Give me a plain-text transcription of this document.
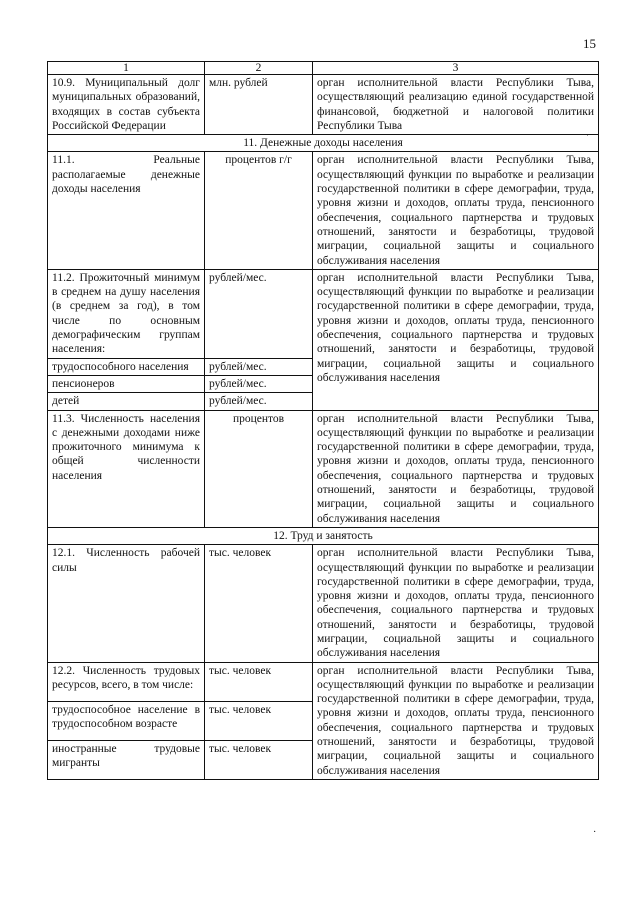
15
1	2	3
10.9. Муниципальный долг муниципальных образований, входящих в состав субъекта Российской Федерации	млн. рублей	орган исполнительной власти Республики Тыва, осуществляющий реализацию единой государственной финансовой, бюджетной и налоговой политики Республики Тыва
11. Денежные доходы населения		
11.1. Реальные располагаемые денежные доходы населения	процентов г/г	орган исполнительной власти Республики Тыва, осуществляющий функции по выработке и реализации государственной политики в сфере демографии, труда, уровня жизни и доходов, оплаты труда, пенсионного обеспечения, социального партнерства и трудовых отношений, занятости и безработицы, трудовой миграции, социальной защиты и социального обслуживания населения
11.2. Прожиточный минимум в среднем на душу населения (в среднем за год), в том числе по основным демографическим группам населения:	рублей/мес.	орган исполнительной власти Республики Тыва, осуществляющий функции по выработке и реализации государственной политики в сфере демографии, труда, уровня жизни и доходов, оплаты труда, пенсионного обеспечения, социального партнерства и трудовых отношений, занятости и безработицы, трудовой миграции, социальной защиты и социального обслуживания населения
трудоспособного населения	рублей/мес.	
пенсионеров	рублей/мес.	
детей	рублей/мес.	
11.3. Численность населения с денежными доходами ниже прожиточного минимума к общей численности населения	процентов	орган исполнительной власти Республики Тыва, осуществляющий функции по выработке и реализации государственной политики в сфере демографии, труда, уровня жизни и доходов, оплаты труда, пенсионного обеспечения, социального партнерства и трудовых отношений, занятости и безработицы, трудовой миграции, социальной защиты и социального обслуживания населения
12. Труд и занятость		
12.1. Численность рабочей силы	тыс. человек	орган исполнительной власти Республики Тыва, осуществляющий функции по выработке и реализации государственной политики в сфере демографии, труда, уровня жизни и доходов, оплаты труда, пенсионного обеспечения, социального партнерства и трудовых отношений, занятости и безработицы, трудовой миграции, социальной защиты и социального обслуживания населения
12.2. Численность трудовых ресурсов, всего, в том числе:	тыс. человек	орган исполнительной власти Республики Тыва, осуществляющий функции по выработке и реализации государственной политики в сфере демографии, труда, уровня жизни и доходов, оплаты труда, пенсионного обеспечения, социального партнерства и трудовых отношений, занятости и безработицы, трудовой миграции, социальной защиты и социального обслуживания населения
трудоспособное население в трудоспособном возрасте	тыс. человек	
иностранные трудовые мигранты	тыс. человек	
·
·
